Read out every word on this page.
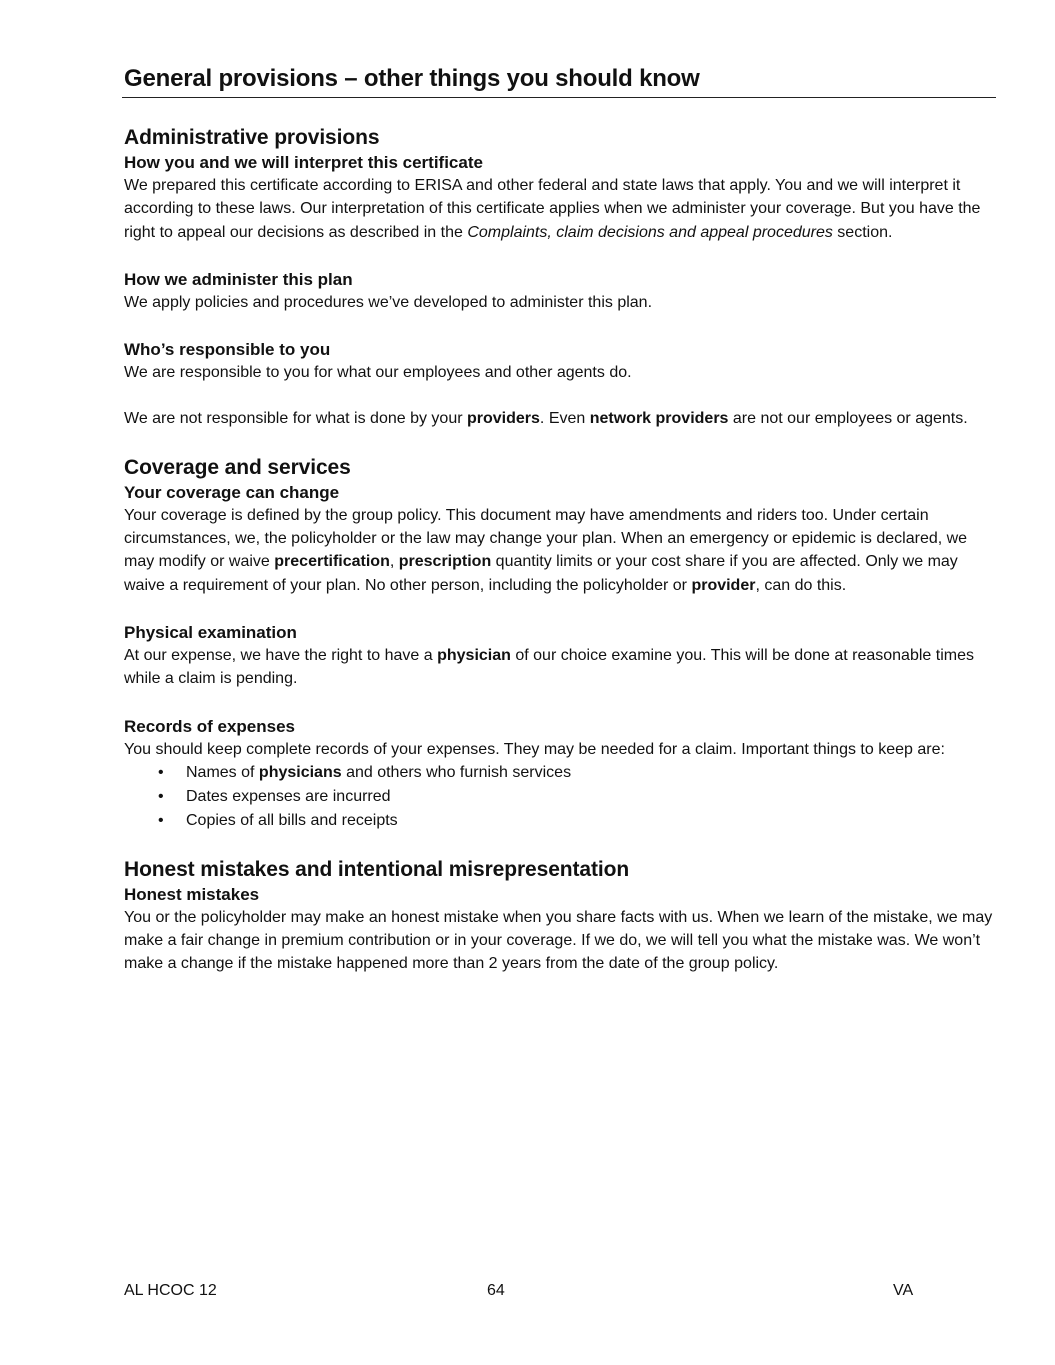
General provisions – other things you should know
Administrative provisions
How you and we will interpret this certificate

We prepared this certificate according to ERISA and other federal and state laws that apply. You and we will interpret it according to these laws. Our interpretation of this certificate applies when we administer your coverage. But you have the right to appeal our decisions as described in the Complaints, claim decisions and appeal procedures section.

How we administer this plan

We apply policies and procedures we’ve developed to administer this plan.

Who’s responsible to you

We are responsible to you for what our employees and other agents do.

We are not responsible for what is done by your providers. Even network providers are not our employees or agents.

Coverage and services
Your coverage can change

Your coverage is defined by the group policy. This document may have amendments and riders too. Under certain circumstances, we, the policyholder or the law may change your plan. When an emergency or epidemic is declared, we may modify or waive precertification, prescription quantity limits or your cost share if you are affected. Only we may waive a requirement of your plan. No other person, including the policyholder or provider, can do this.

Physical examination

At our expense, we have the right to have a physician of our choice examine you. This will be done at reasonable times while a claim is pending.

Records of expenses

You should keep complete records of your expenses. They may be needed for a claim. Important things to keep are:

• Names of physicians and others who furnish services
• Dates expenses are incurred
• Copies of all bills and receipts
Honest mistakes and intentional misrepresentation
Honest mistakes

You or the policyholder may make an honest mistake when you share facts with us. When we learn of the mistake, we may make a fair change in premium contribution or in your coverage. If we do, we will tell you what the mistake was. We won’t make a change if the mistake happened more than 2 years from the date of the group policy.

AL HCOC 12	64	VA
